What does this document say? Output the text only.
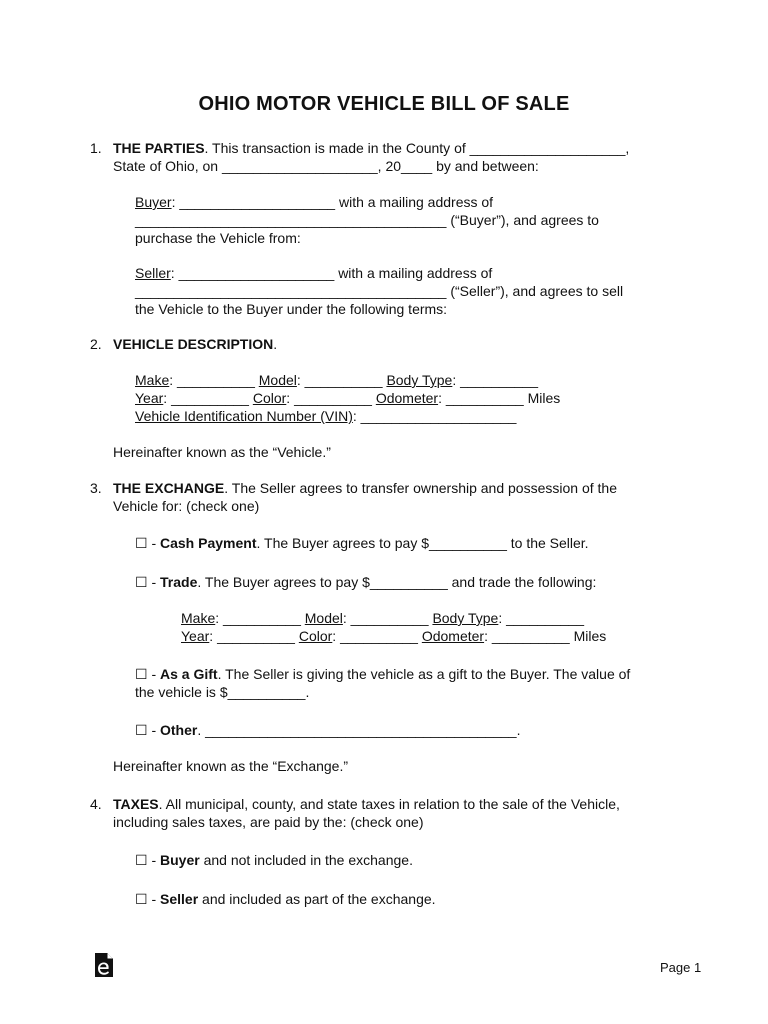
OHIO MOTOR VEHICLE BILL OF SALE
1. THE PARTIES. This transaction is made in the County of ____________________,
State of Ohio, on ____________________, 20____ by and between:
Buyer: ____________________ with a mailing address of
________________________________________ (“Buyer”), and agrees to
purchase the Vehicle from:
Seller: ____________________ with a mailing address of
________________________________________ (“Seller”), and agrees to sell
the Vehicle to the Buyer under the following terms:
2. VEHICLE DESCRIPTION.
Make: __________ Model: __________ Body Type: __________
Year: __________ Color: __________ Odometer: __________ Miles
Vehicle Identification Number (VIN): ____________________
Hereinafter known as the “Vehicle.”
3. THE EXCHANGE. The Seller agrees to transfer ownership and possession of the
Vehicle for: (check one)
☐ - Cash Payment. The Buyer agrees to pay $__________ to the Seller.
☐ - Trade. The Buyer agrees to pay $__________ and trade the following:
Make: __________ Model: __________ Body Type: __________
Year: __________ Color: __________ Odometer: __________ Miles
☐ - As a Gift. The Seller is giving the vehicle as a gift to the Buyer. The value of
the vehicle is $__________.
☐ - Other. ________________________________________.
Hereinafter known as the “Exchange.”
4. TAXES. All municipal, county, and state taxes in relation to the sale of the Vehicle,
including sales taxes, are paid by the: (check one)
☐ - Buyer and not included in the exchange.
☐ - Seller and included as part of the exchange.
Page 1
